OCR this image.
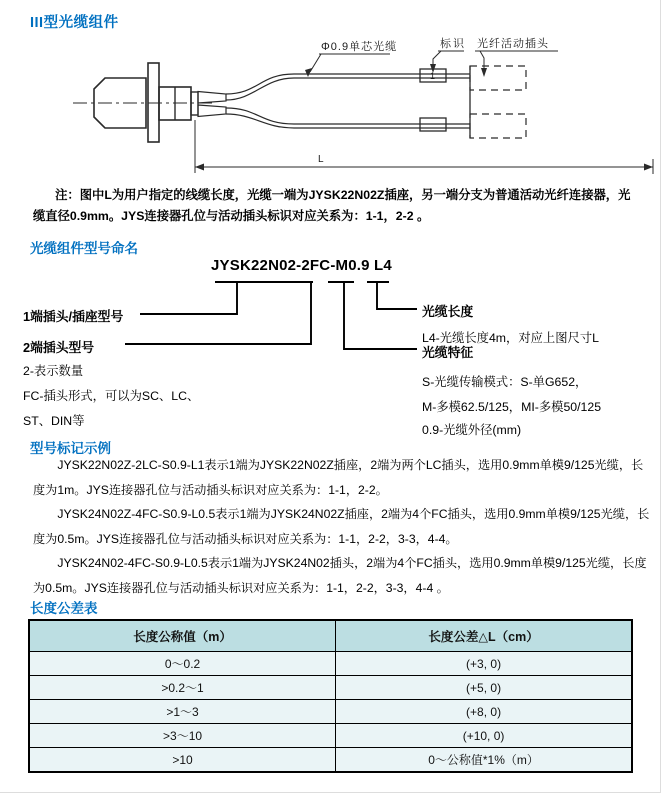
III型光缆组件
1
Φ0.9单芯光缆	标识 光纤活动插头
L
注：图中L为用户指定的线缆长度，光缆一端为JYSK22N02Z插座，另一端分支为普通活动光纤连接器，光缆直径0.9mm。JYS连接器孔位与活动插头标识对应关系为：1-1，2-2 。
光缆组件型号命名
JYSK22N02-2FC-M0.9 L4
1端插头/插座型号
2端插头型号
2-表示数量
FC-插头形式，可以为SC、LC、
ST、DIN等
光缆长度
L4-光缆长度4m，对应上图尺寸L
光缆特征
S-光缆传输模式：S-单G652，
M-多模62.5/125，MI-多模50/125
0.9-光缆外径(mm)
型号标记示例

JYSK22N02Z-2LC-S0.9-L1表示1端为JYSK22N02Z插座，2端为两个LC插头，选用0.9mm单模9/125光缆，长度为1m。JYS连接器孔位与活动插头标识对应关系为：1-1，2-2。

JYSK24N02Z-4FC-S0.9-L0.5表示1端为JYSK24N02Z插座，2端为4个FC插头，选用0.9mm单模9/125光缆，长度为0.5m。JYS连接器孔位与活动插头标识对应关系为：1-1，2-2，3-3，4-4。

JYSK24N02-4FC-S0.9-L0.5表示1端为JYSK24N02插头，2端为4个FC插头，选用0.9mm单模9/125光缆，长度为0.5m。JYS连接器孔位与活动插头标识对应关系为：1-1，2-2，3-3，4-4 。

长度公差表
长度公称值（m）	长度公差△L（cm）
0～0.2	(+3, 0)
>0.2～1	(+5, 0)
>1～3	(+8, 0)
>3～10	(+10, 0)
>10	0～公称值*1%（m）
